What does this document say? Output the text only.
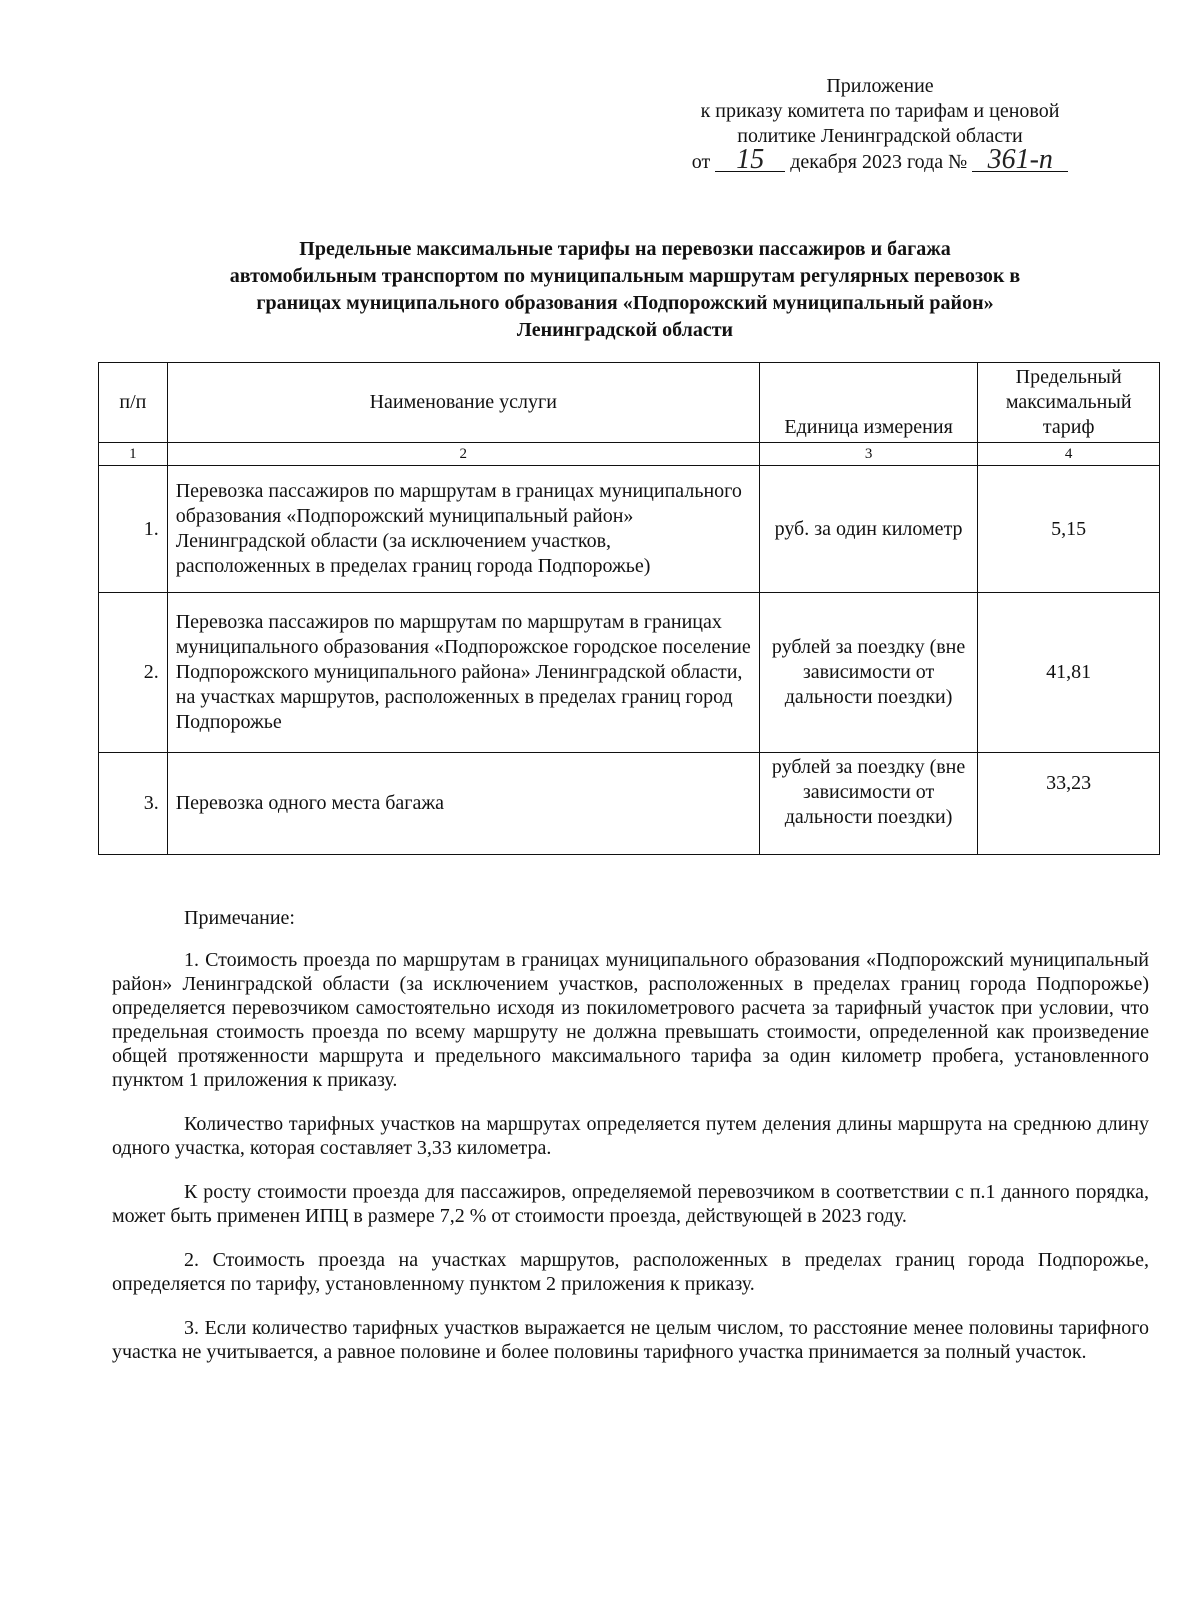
Приложение
к приказу комитета по тарифам и ценовой
политике Ленинградской области
от 15 декабря 2023 года № 361-п
Предельные максимальные тарифы на перевозки пассажиров и багажа
автомобильным транспортом по муниципальным маршрутам регулярных перевозок в
границах муниципального образования «Подпорожский муниципальный район»
Ленинградской области
п/п	Наименование услуги	Единица измерения	Предельный максимальный тариф
1	2	3	4
1.	Перевозка пассажиров по маршрутам в границах муниципального образования «Подпорожский муниципальный район» Ленинградской области (за исключением участков, расположенных в пределах границ города Подпорожье)	руб. за один километр	5,15
2.	Перевозка пассажиров по маршрутам по маршрутам в границах муниципального образования «Подпорожское городское поселение Подпорожского муниципального района» Ленинградской области, на участках маршрутов, расположенных в пределах границ город Подпорожье	рублей за поездку (вне зависимости от дальности поездки)	41,81
3.	Перевозка одного места багажа	рублей за поездку (вне зависимости от дальности поездки)	33,23
Примечание:

1. Стоимость проезда по маршрутам в границах муниципального образования «Подпорожский муниципальный район» Ленинградской области (за исключением участков, расположенных в пределах границ города Подпорожье) определяется перевозчиком самостоятельно исходя из покилометрового расчета за тарифный участок при условии, что предельная стоимость проезда по всему маршруту не должна превышать стоимости, определенной как произведение общей протяженности маршрута и предельного максимального тарифа за один километр пробега, установленного пунктом 1 приложения к приказу.

Количество тарифных участков на маршрутах определяется путем деления длины маршрута на среднюю длину одного участка, которая составляет 3,33 километра.

К росту стоимости проезда для пассажиров, определяемой перевозчиком в соответствии с п.1 данного порядка, может быть применен ИПЦ в размере 7,2 % от стоимости проезда, действующей в 2023 году.

2. Стоимость проезда на участках маршрутов, расположенных в пределах границ города Подпорожье, определяется по тарифу, установленному пунктом 2 приложения к приказу.

3. Если количество тарифных участков выражается не целым числом, то расстояние менее половины тарифного участка не учитывается, а равное половине и более половины тарифного участка принимается за полный участок.
